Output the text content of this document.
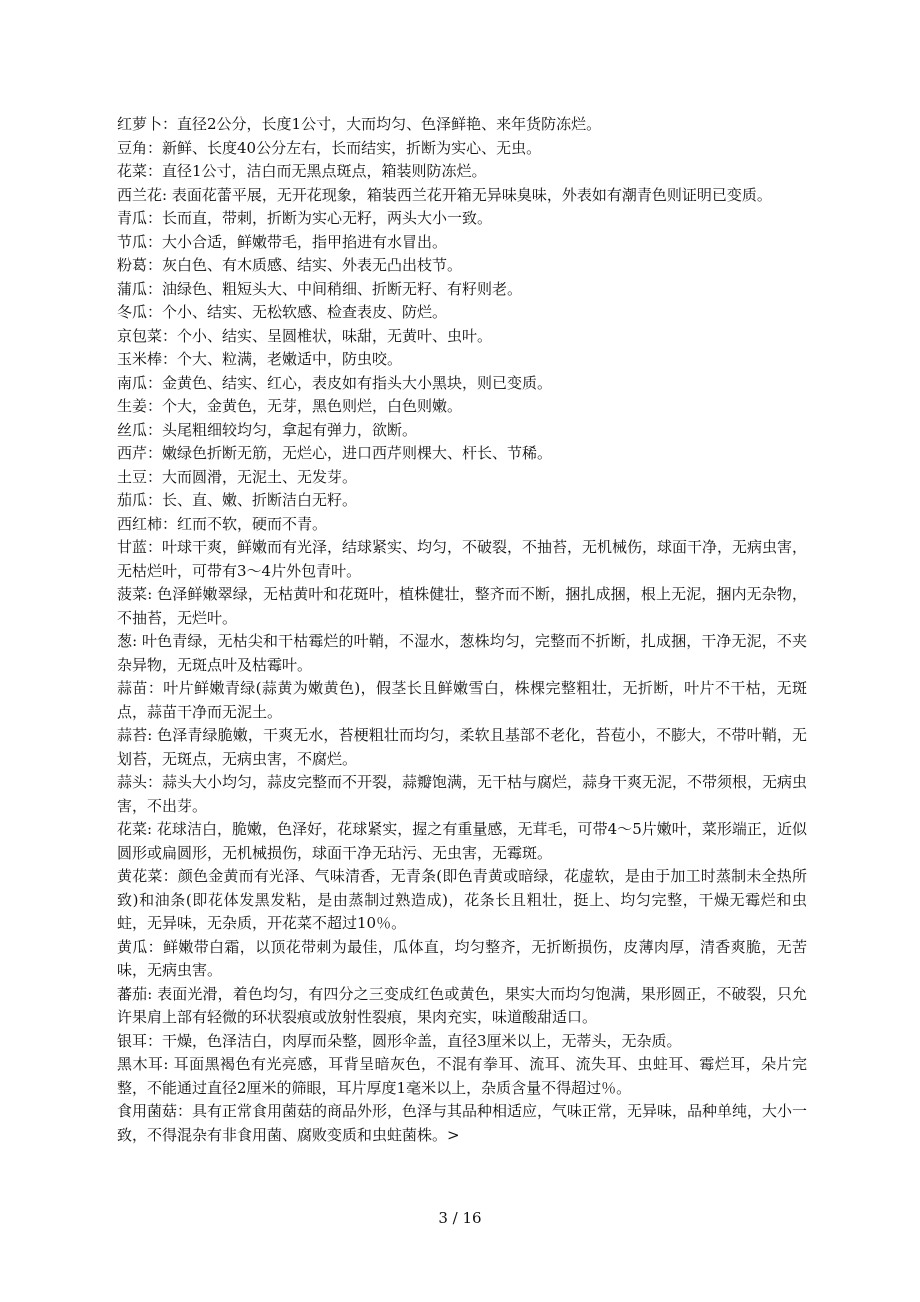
红萝卜：直径2公分，长度1公寸，大而均匀、色泽鲜艳、来年货防冻烂。

豆角：新鲜、长度40公分左右，长而结实，折断为实心、无虫。

花菜：直径1公寸，洁白而无黑点斑点，箱装则防冻烂。

西兰花: 表面花蕾平展，无开花现象，箱装西兰花开箱无异味臭味，外表如有潮青色则证明已变质。

青瓜：长而直，带刺，折断为实心无籽，两头大小一致。

节瓜：大小合适，鲜嫩带毛，指甲掐进有水冒出。

粉葛：灰白色、有木质感、结实、外表无凸出枝节。

蒲瓜：油绿色、粗短头大、中间稍细、折断无籽、有籽则老。

冬瓜：个小、结实、无松软感、检查表皮、防烂。

京包菜：个小、结实、呈圆椎状，味甜，无黄叶、虫叶。

玉米棒：个大、粒满，老嫩适中，防虫咬。

南瓜：金黄色、结实、红心，表皮如有指头大小黑块，则已变质。

生姜：个大，金黄色，无芽，黑色则烂，白色则嫩。

丝瓜：头尾粗细较均匀，拿起有弹力，欲断。

西芹：嫩绿色折断无筋，无烂心，进口西芹则棵大、杆长、节稀。

土豆：大而圆滑，无泥土、无发芽。

茄瓜：长、直、嫩、折断洁白无籽。

西红柿：红而不软，硬而不青。

甘蓝：叶球干爽，鲜嫩而有光泽，结球紧实、均匀，不破裂，不抽苔，无机械伤，球面干净，无病虫害，无枯烂叶，可带有3～4片外包青叶。

菠菜: 色泽鲜嫩翠绿，无枯黄叶和花斑叶，植株健壮，整齐而不断，捆扎成捆，根上无泥，捆内无杂物，不抽苔，无烂叶。

葱: 叶色青绿，无枯尖和干枯霉烂的叶鞘，不湿水，葱株均匀，完整而不折断，扎成捆，干净无泥，不夹杂异物，无斑点叶及枯霉叶。

蒜苗：叶片鲜嫩青绿(蒜黄为嫩黄色)，假茎长且鲜嫩雪白，株棵完整粗壮，无折断，叶片不干枯，无斑点，蒜苗干净而无泥土。

蒜苔: 色泽青绿脆嫩，干爽无水，苔梗粗壮而均匀，柔软且基部不老化，苔苞小，不膨大，不带叶鞘，无划苔，无斑点，无病虫害，不腐烂。

蒜头：蒜头大小均匀，蒜皮完整而不开裂，蒜瓣饱满，无干枯与腐烂，蒜身干爽无泥，不带须根，无病虫害，不出芽。

花菜: 花球洁白，脆嫩，色泽好，花球紧实，握之有重量感，无茸毛，可带4～5片嫩叶，菜形端正，近似圆形或扁圆形，无机械损伤，球面干净无玷污、无虫害，无霉斑。

黄花菜：颜色金黄而有光泽、气味清香，无青条(即色青黄或暗绿，花虚软，是由于加工时蒸制未全热所致)和油条(即花体发黑发粘，是由蒸制过熟造成)，花条长且粗壮，挺上、均匀完整，干燥无霉烂和虫蛀，无异味，无杂质，开花菜不超过10％。

黄瓜：鲜嫩带白霜，以顶花带刺为最佳，瓜体直，均匀整齐，无折断损伤，皮薄肉厚，清香爽脆，无苦味，无病虫害。

蕃茄: 表面光滑，着色均匀，有四分之三变成红色或黄色，果实大而均匀饱满，果形圆正，不破裂，只允许果肩上部有轻微的环状裂痕或放射性裂痕，果肉充实，味道酸甜适口。

银耳：干燥，色泽洁白，肉厚而朵整，圆形伞盖，直径3厘米以上，无蒂头，无杂质。

黑木耳: 耳面黑褐色有光亮感，耳背呈暗灰色，不混有拳耳、流耳、流失耳、虫蛀耳、霉烂耳，朵片完整，不能通过直径2厘米的筛眼，耳片厚度1毫米以上，杂质含量不得超过％。

食用菌菇：具有正常食用菌菇的商品外形，色泽与其品种相适应，气味正常，无异味，品种单纯，大小一致，不得混杂有非食用菌、腐败变质和虫蛀菌株。>

3 / 16
